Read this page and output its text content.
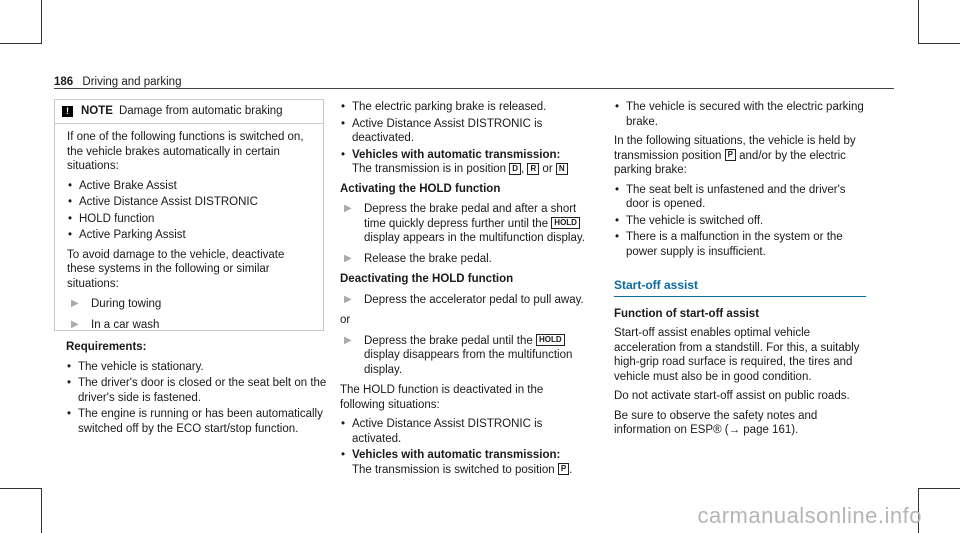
186 Driving and parking
!	NOTE Damage from automatic braking

If one of the following functions is switched on, the vehicle brakes automatically in certain situations:

• Active Brake Assist
• Active Distance Assist DISTRONIC
• HOLD function
• Active Parking Assist

To avoid damage to the vehicle, deactivate these systems in the following or similar situations:

▶ During towing
▶ In a car wash

Requirements:

• The vehicle is stationary.
• The driver's door is closed or the seat belt on the driver's side is fastened.
• The engine is running or has been automatically switched off by the ECO start/stop function.
• The electric parking brake is released.
• Active Distance Assist DISTRONIC is deactivated.
• Vehicles with automatic transmission:
The transmission is in position D , R or N

Activating the HOLD function

▶ Depress the brake pedal and after a short time quickly depress further until the HOLD display appears in the multifunction display.
▶ Release the brake pedal.

Deactivating the HOLD function

▶ Depress the accelerator pedal to pull away.

or

▶ Depress the brake pedal until the HOLD display disappears from the multifunction display.

The HOLD function is deactivated in the following situations:

• Active Distance Assist DISTRONIC is activated.
• Vehicles with automatic transmission:
The transmission is switched to position P .
• The vehicle is secured with the electric parking brake.

In the following situations, the vehicle is held by transmission position P and/or by the electric parking brake:

• The seat belt is unfastened and the driver's door is opened.
• The vehicle is switched off.
• There is a malfunction in the system or the power supply is insufficient.
Start-off assist

Function of start-off assist

Start-off assist enables optimal vehicle acceleration from a standstill. For this, a suitably high-grip road surface is required, the tires and vehicle must also be in good condition.

Do not activate start-off assist on public roads.

Be sure to observe the safety notes and information on ESP® (→ page 161).

carmanualsonline.info
